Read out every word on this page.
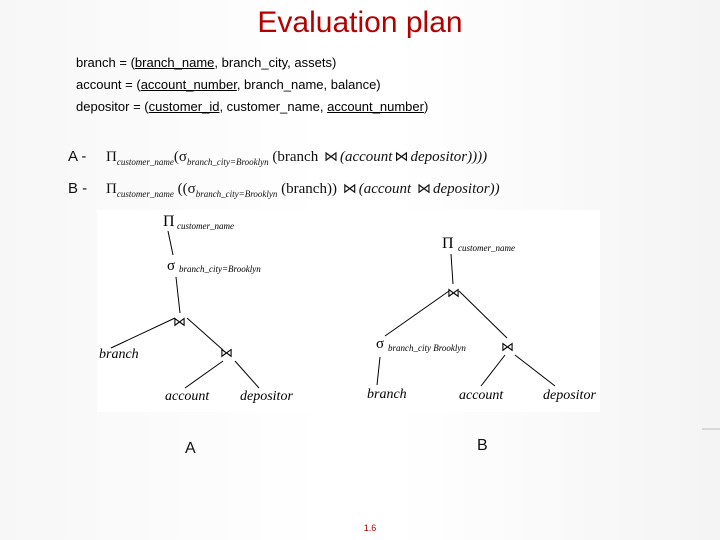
Evaluation plan
branch = (branch_name, branch_city, assets)
account = (account_number, branch_name, balance)
depositor = (customer_id, customer_name, account_number)
A - $\Pi_{customer\_name}(\sigma_{branch\_city=Brooklyn}$ (branch ⋈ (account ⋈ depositor))))
B - $\Pi_{customer\_name}$ (($\sigma_{branch\_city=Brooklyn}$ (branch)) ⋈ (account ⋈ depositor))
Π customer_name
σ branch_city=Brooklyn
⋈
branch	⋈
account depositor
Π customer_name
⋈
σ branch_city Brooklyn	⋈
branch	account	depositor
A	B
1.6
